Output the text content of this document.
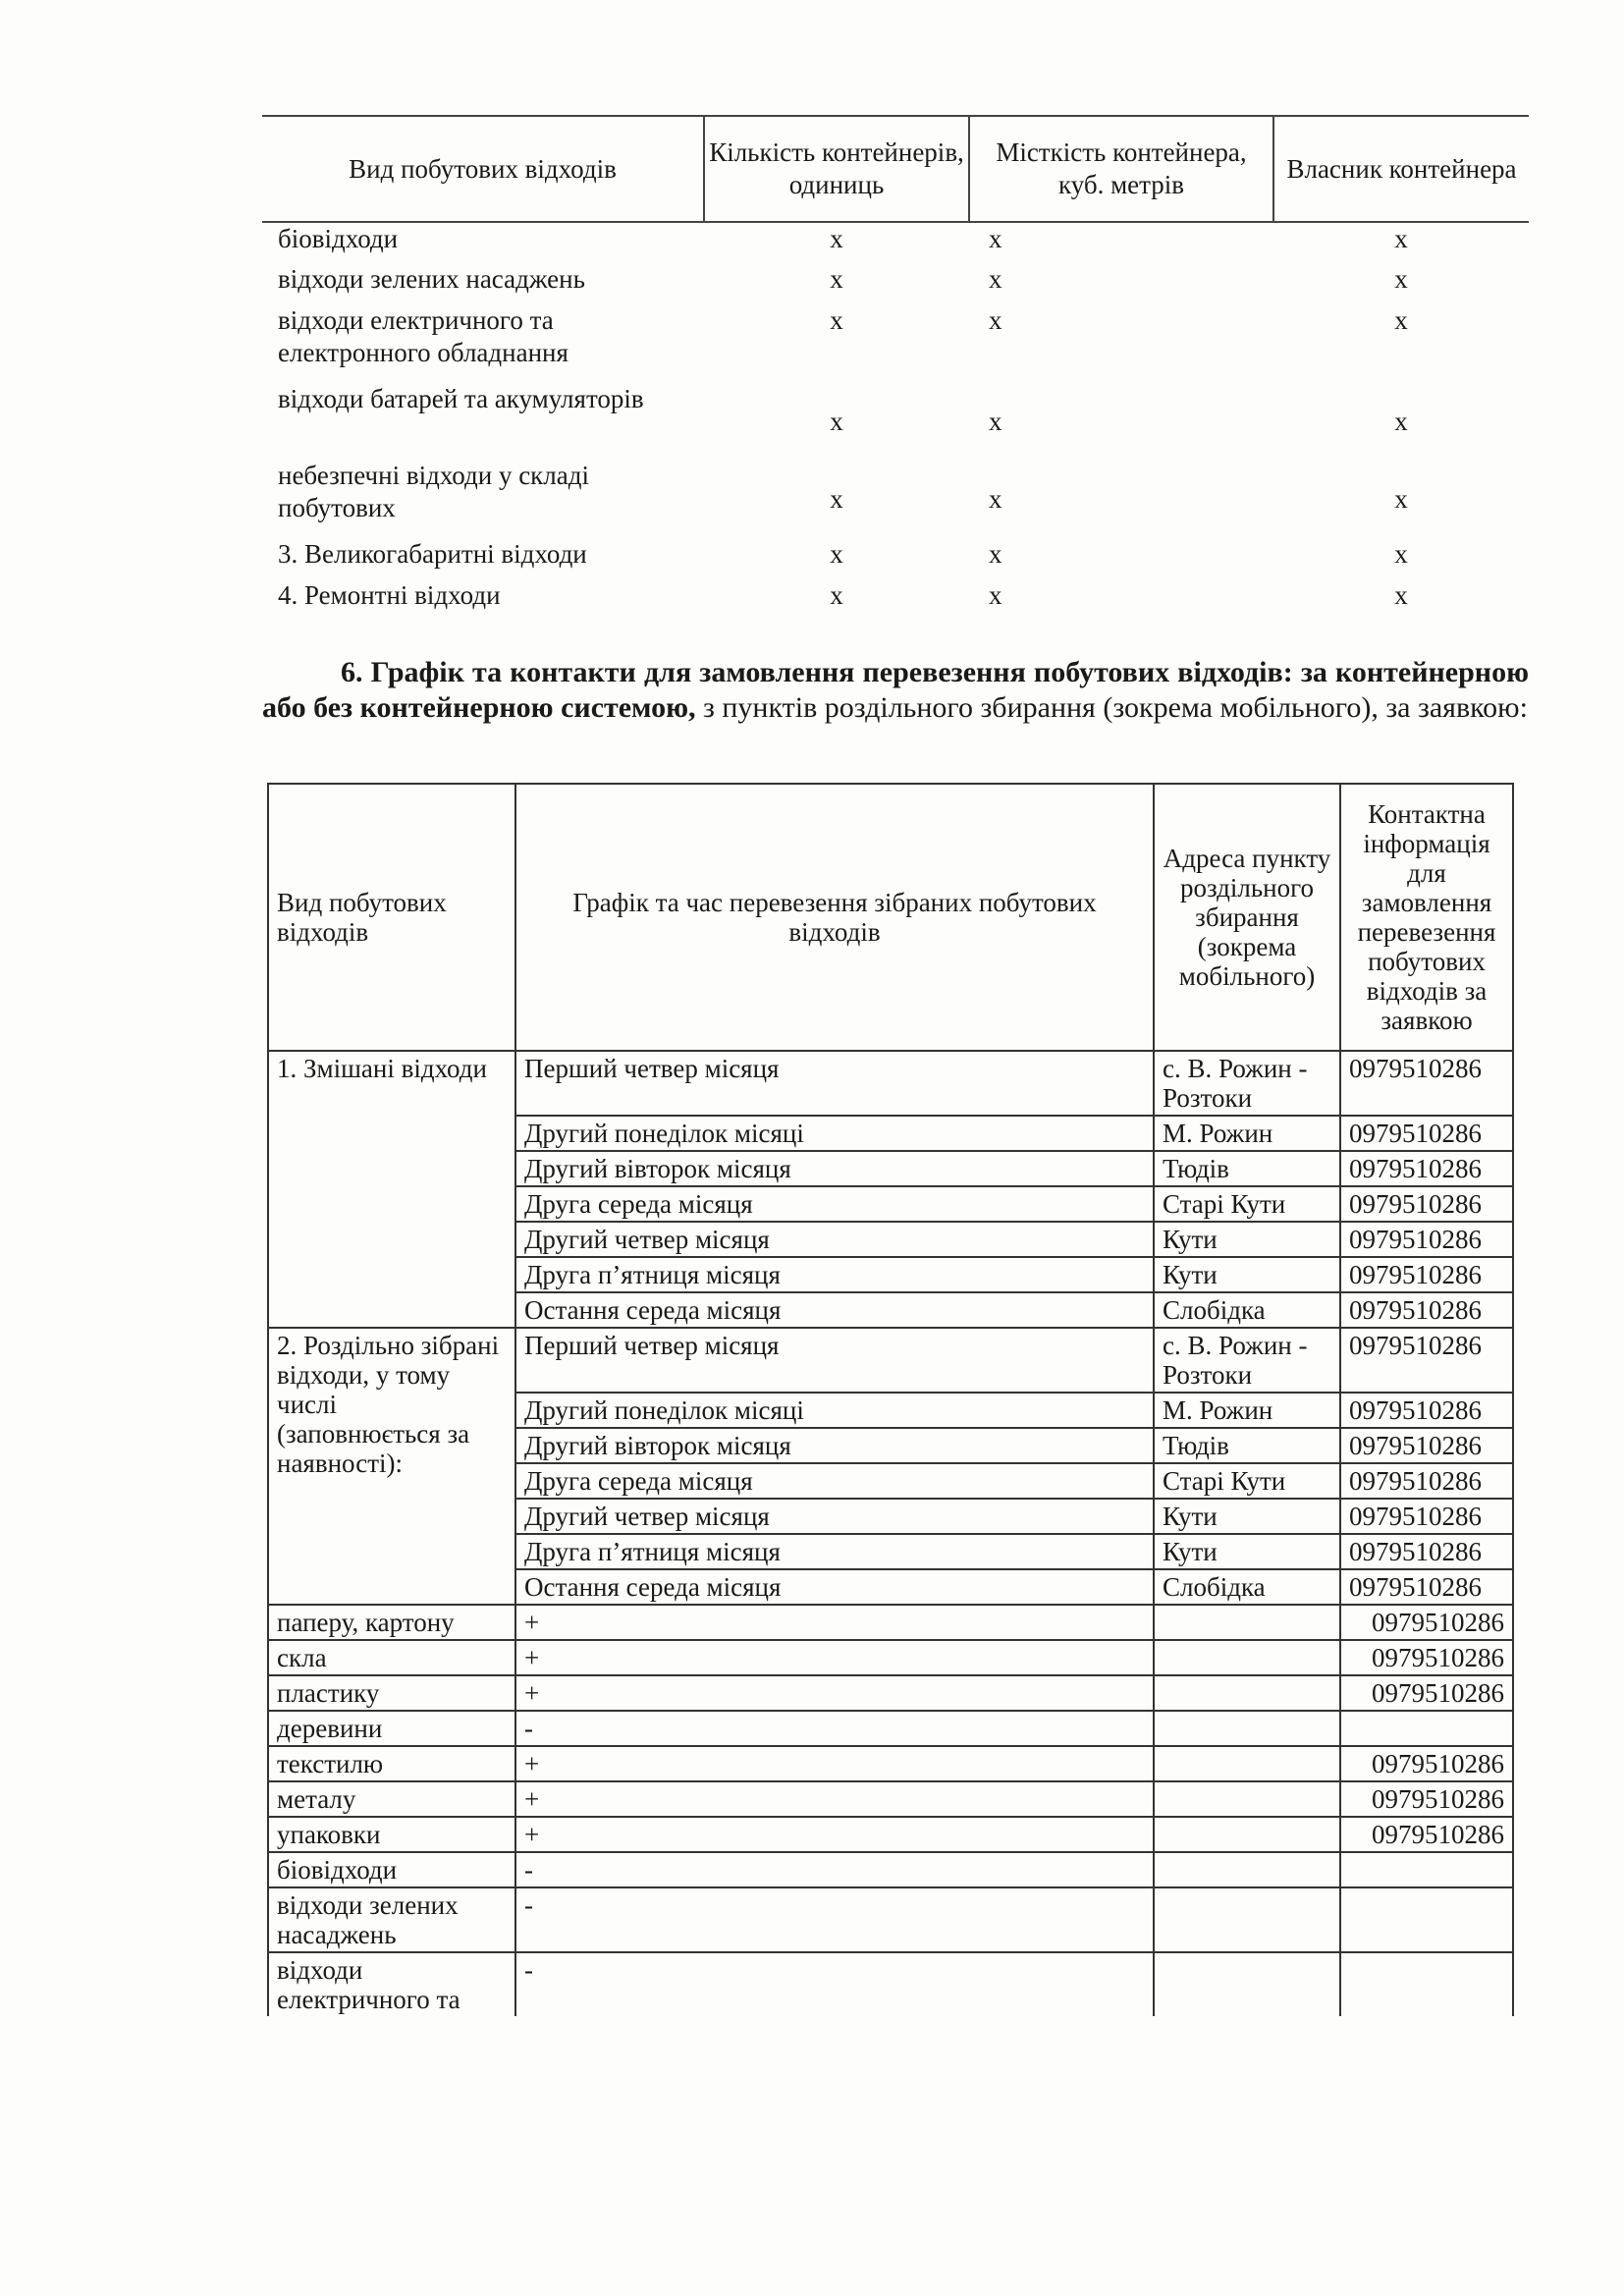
Вид побутових відходів	Кількість контейнерів, одиниць	Місткість контейнера, куб. метрів	Власник контейнера
біовідходи	х	х	х
відходи зелених насаджень	х	х	х
відходи електричного та електронного обладнання	х	х	х
відходи батарей та акумуляторів	х	х	х
небезпечні відходи у складі побутових	х	х	х
3. Великогабаритні відходи	х	х	х
4. Ремонтні відходи	х	х	х
6. Графік та контакти для замовлення перевезення побутових відходів: за контейнерною або без контейнерною системою, з пунктів роздільного збирання (зокрема мобільного), за заявкою:
Вид побутових відходів	Графік та час перевезення зібраних побутових відходів	Адреса пункту роздільного збирання (зокрема мобільного)	Контактна інформація для замовлення перевезення побутових відходів за заявкою
1. Змішані відходи	Перший четвер місяця	с. В. Рожин - Розтоки	0979510286
	Другий понеділок місяці	М. Рожин	0979510286
	Другий вівторок місяця	Тюдів	0979510286
	Друга середа місяця	Старі Кути	0979510286
	Другий четвер місяця	Кути	0979510286
	Друга п’ятниця місяця	Кути	0979510286
	Остання середа місяця	Слобідка	0979510286
2. Роздільно зібрані відходи, у тому числі (заповнюється за наявності):	Перший четвер місяця	с. В. Рожин - Розтоки	0979510286
	Другий понеділок місяці	М. Рожин	0979510286
	Другий вівторок місяця	Тюдів	0979510286
	Друга середа місяця	Старі Кути	0979510286
	Другий четвер місяця	Кути	0979510286
	Друга п’ятниця місяця	Кути	0979510286
	Остання середа місяця	Слобідка	0979510286
паперу, картону	+		0979510286
скла	+		0979510286
пластику	+		0979510286
деревини	-		
текстилю	+		0979510286
металу	+		0979510286
упаковки	+		0979510286
біовідходи	-		
відходи зелених насаджень	-		
відходи електричного та	-		
